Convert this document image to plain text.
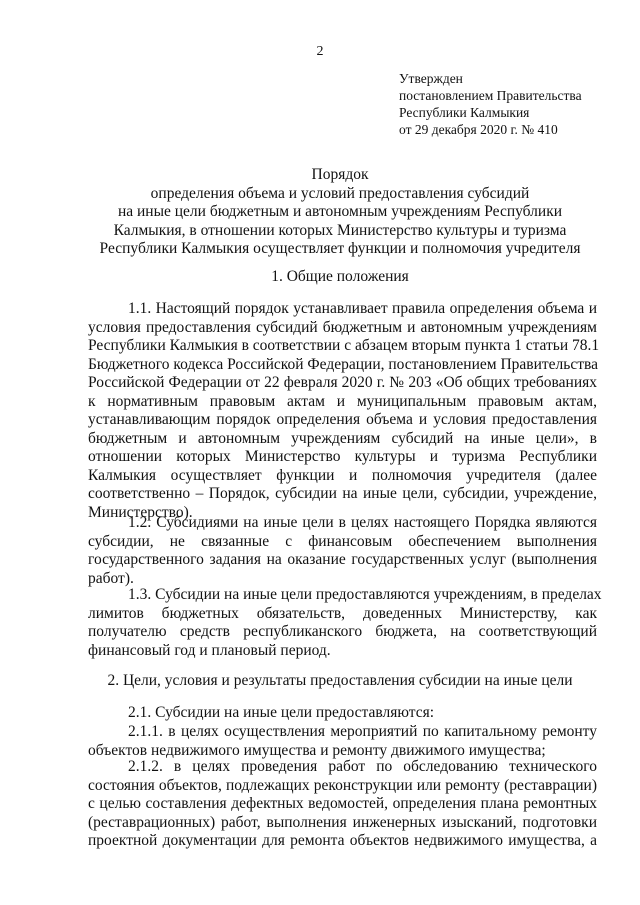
2
Утвержден
постановлением Правительства
Республики Калмыкия
от 29 декабря 2020 г. № 410
Порядок
определения объема и условий предоставления субсидий
на иные цели бюджетным и автономным учреждениям Республики
Калмыкия, в отношении которых Министерство культуры и туризма
Республики Калмыкия осуществляет функции и полномочия учредителя
1. Общие положения
1.1. Настоящий порядок устанавливает правила определения объема и
условия предоставления субсидий бюджетным и автономным учреждениям
Республики Калмыкия в соответствии с абзацем вторым пункта 1 статьи 78.1
Бюджетного кодекса Российской Федерации, постановлением Правительства
Российской Федерации от 22 февраля 2020 г. № 203 «Об общих требованиях
к нормативным правовым актам и муниципальным правовым актам,
устанавливающим порядок определения объема и условия предоставления
бюджетным и автономным учреждениям субсидий на иные цели», в
отношении которых Министерство культуры и туризма Республики
Калмыкия осуществляет функции и полномочия учредителя (далее
соответственно – Порядок, субсидии на иные цели, субсидии, учреждение,
Министерство).
1.2. Субсидиями на иные цели в целях настоящего Порядка являются
субсидии, не связанные с финансовым обеспечением выполнения
государственного задания на оказание государственных услуг (выполнения
работ).
1.3. Субсидии на иные цели предоставляются учреждениям, в пределах
лимитов бюджетных обязательств, доведенных Министерству, как
получателю средств республиканского бюджета, на соответствующий
финансовый год и плановый период.
2. Цели, условия и результаты предоставления субсидии на иные цели
2.1. Субсидии на иные цели предоставляются:
2.1.1. в целях осуществления мероприятий по капитальному ремонту
объектов недвижимого имущества и ремонту движимого имущества;
2.1.2. в целях проведения работ по обследованию технического
состояния объектов, подлежащих реконструкции или ремонту (реставрации)
с целью составления дефектных ведомостей, определения плана ремонтных
(реставрационных) работ, выполнения инженерных изысканий, подготовки
проектной документации для ремонта объектов недвижимого имущества, а
